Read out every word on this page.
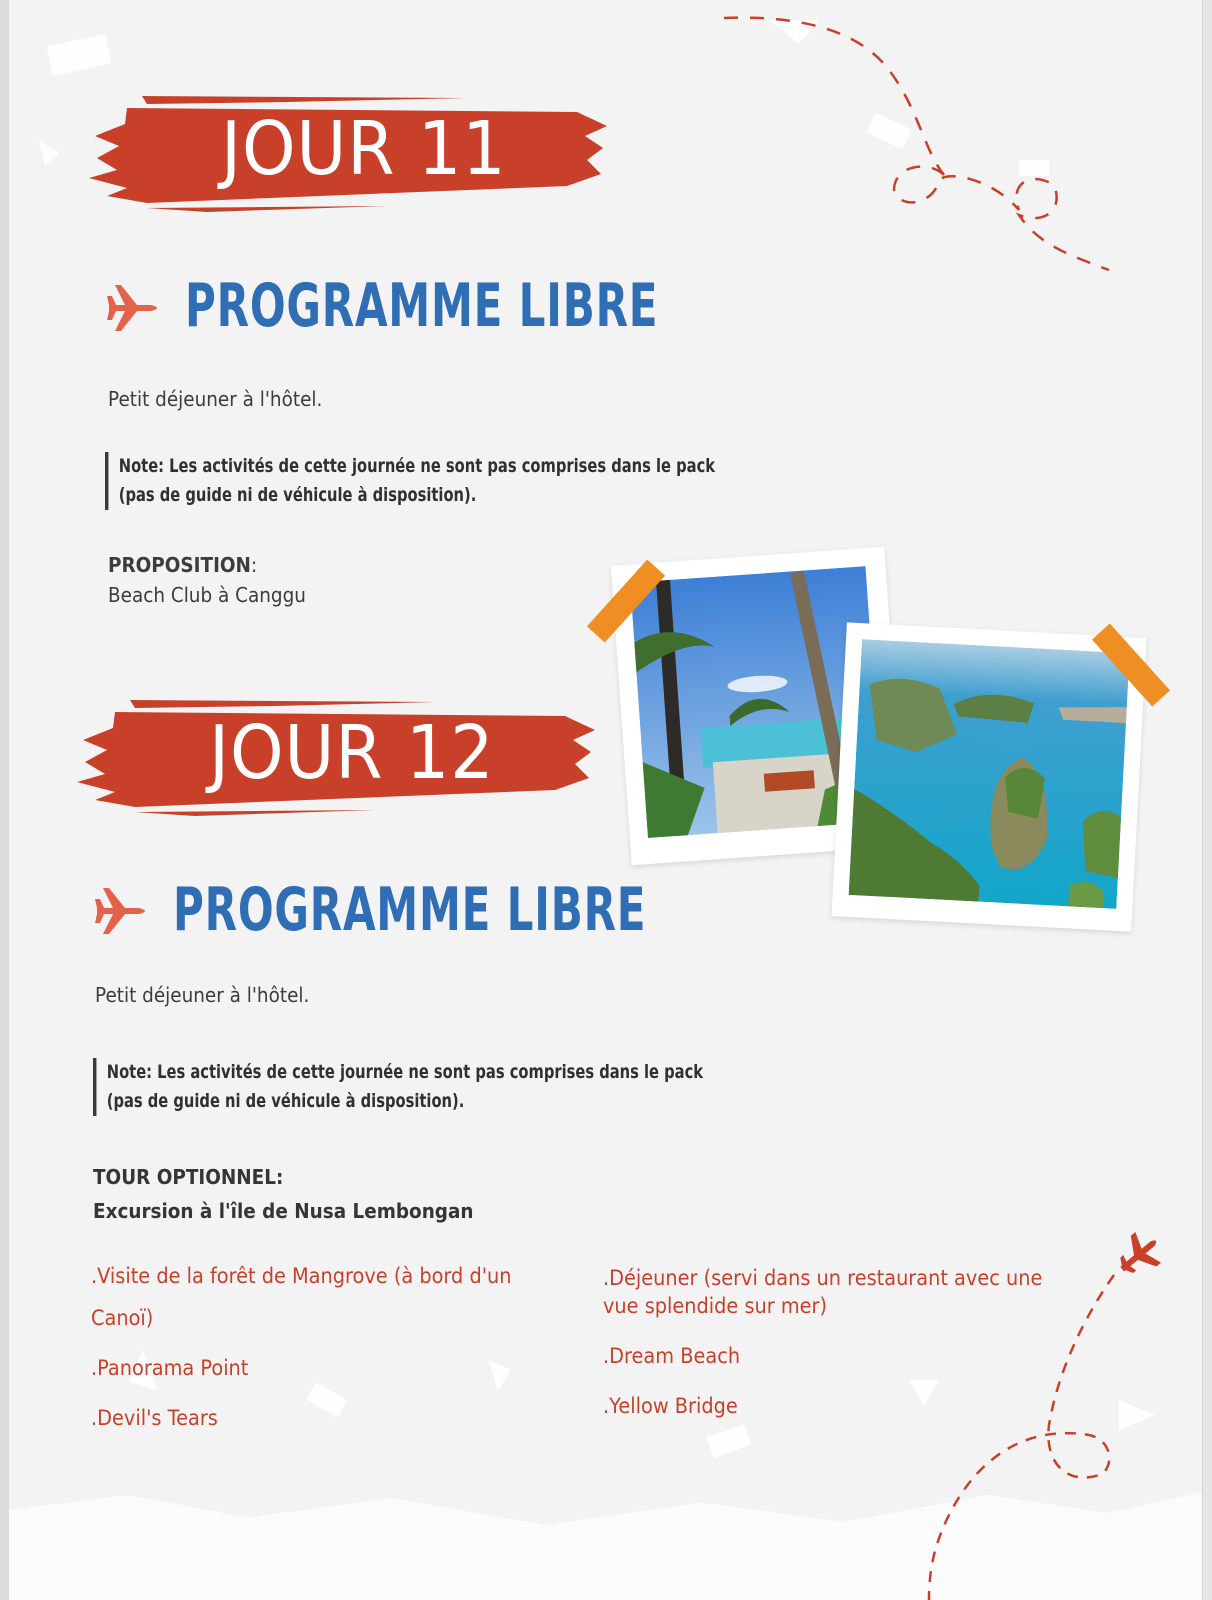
JOUR 11
PROGRAMME LIBRE
Petit déjeuner à l'hôtel.
Note: Les activités de cette journée ne sont pas comprises dans le pack
(pas de guide ni de véhicule à disposition).
PROPOSITION:
Beach Club à Canggu
JOUR 12
PROGRAMME LIBRE
Petit déjeuner à l'hôtel.
Note: Les activités de cette journée ne sont pas comprises dans le pack
(pas de guide ni de véhicule à disposition).
TOUR OPTIONNEL:
Excursion à l'île de Nusa Lembongan
.Visite de la forêt de Mangrove (à bord d'un
Canoï)
.Panorama Point
.Devil's Tears
.Déjeuner (servi dans un restaurant avec une
vue splendide sur mer)
.Dream Beach
.Yellow Bridge
